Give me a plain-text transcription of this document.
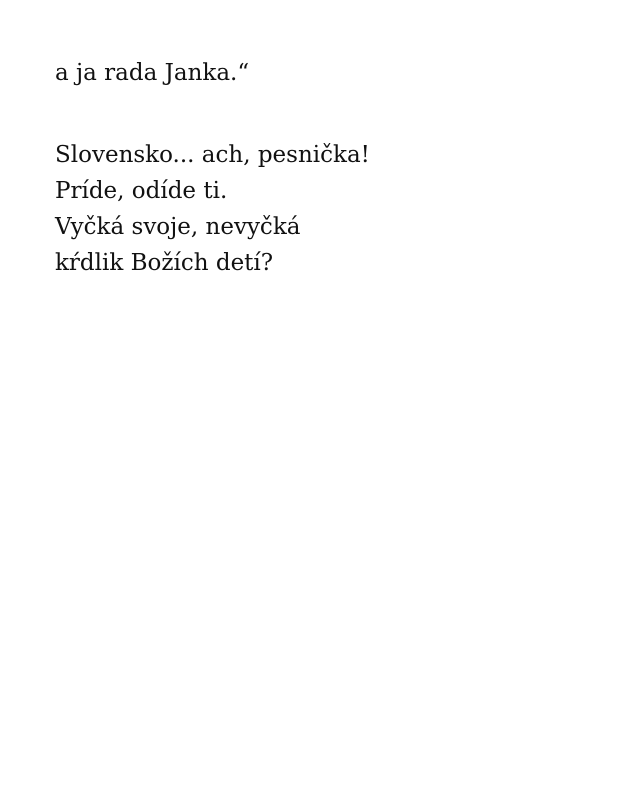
a ja rada Janka.“
Slovensko... ach, pesnička!
Príde, odíde ti.
Vyčká svoje, nevyčká
kŕdlik Božích detí?
